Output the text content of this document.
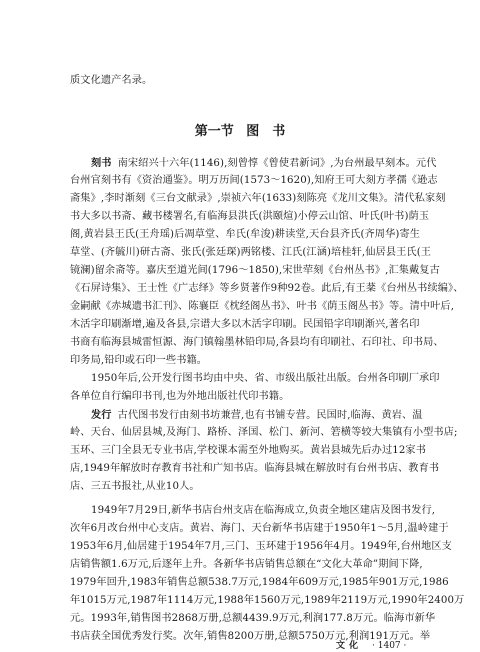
质文化遗产名录。
第一节 图　书
刻书 南宋绍兴十六年(1146),刻曾惇《曾使君新词》,为台州最早刻本。元代
台州官刻书有《资治通鉴》。明万历间(1573～1620),知府王可大刻方孝孺《逊志
斋集》,李时渐刻《三台文献录》,崇祯六年(1633)刻陈亮《龙川文集》。清代私家刻
书大多以书斋、藏书楼署名,有临海县洪氏(洪颐煊)小停云山馆、叶氏(叶书)荫玉
阁,黄岩县王氏(王舟瑶)后凋草堂、牟氏(牟浚)耕读堂,天台县齐氏(齐周华)寄生
草堂、(齐毓川)研古斋、张氏(张廷琛)两铭楼、江氏(江涵)培桂轩,仙居县王氏(王
镜澜)留余斋等。嘉庆至道光间(1796～1850),宋世荦刻《台州丛书》,汇集戴复古
《石屏诗集》、王士性《广志绎》等乡贤著作9种92卷。此后,有王棻《台州丛书续编》、
金嗣献《赤城遗书汇刊》、陈襄臣《枕经阁丛书》、叶书《荫玉阁丛书》等。清中叶后,
木活字印刷渐增,遍及各县,宗谱大多以木活字印刷。民国铅字印刷渐兴,著名印
书商有临海县城雷恒源、海门镇翰墨林铅印局,各县均有印刷社、石印社、印书局、
印务局,铅印或石印一些书籍。
1950年后,公开发行图书均由中央、省、市级出版社出版。台州各印刷厂承印
各单位自行编印书刊,也为外地出版社代印书籍。
发行 古代图书发行由刻书坊兼营,也有书铺专营。民国时,临海、黄岩、温
岭、天台、仙居县城,及海门、路桥、泽国、松门、新河、箬横等较大集镇有小型书店;
玉环、三门全县无专业书店,学校课本需至外地购买。黄岩县城先后办过12家书
店,1949年解放时存教育书社和广知书店。临海县城在解放时有台州书店、教育书
店、三五书报社,从业10人。
1949年7月29日,新华书店台州支店在临海成立,负责全地区建店及图书发行,
次年6月改台州中心支店。黄岩、海门、天台新华书店建于1950年1～5月,温岭建于
1953年6月,仙居建于1954年7月,三门、玉环建于1956年4月。1949年,台州地区支
店销售额1.6万元,后逐年上升。各新华书店销售总额在“文化大革命”期间下降,
1979年回升,1983年销售总额538.7万元,1984年609万元,1985年901万元,1986
年1015万元,1987年1114万元,1988年1560万元,1989年2119万元,1990年2400万
元。1993年,销售图书2868万册,总额4439.9万元,利润177.8万元。临海市新华
书店获全国优秀发行奖。次年,销售8200万册,总额5750万元,利润191万元。举
文化 · 1407 ·
